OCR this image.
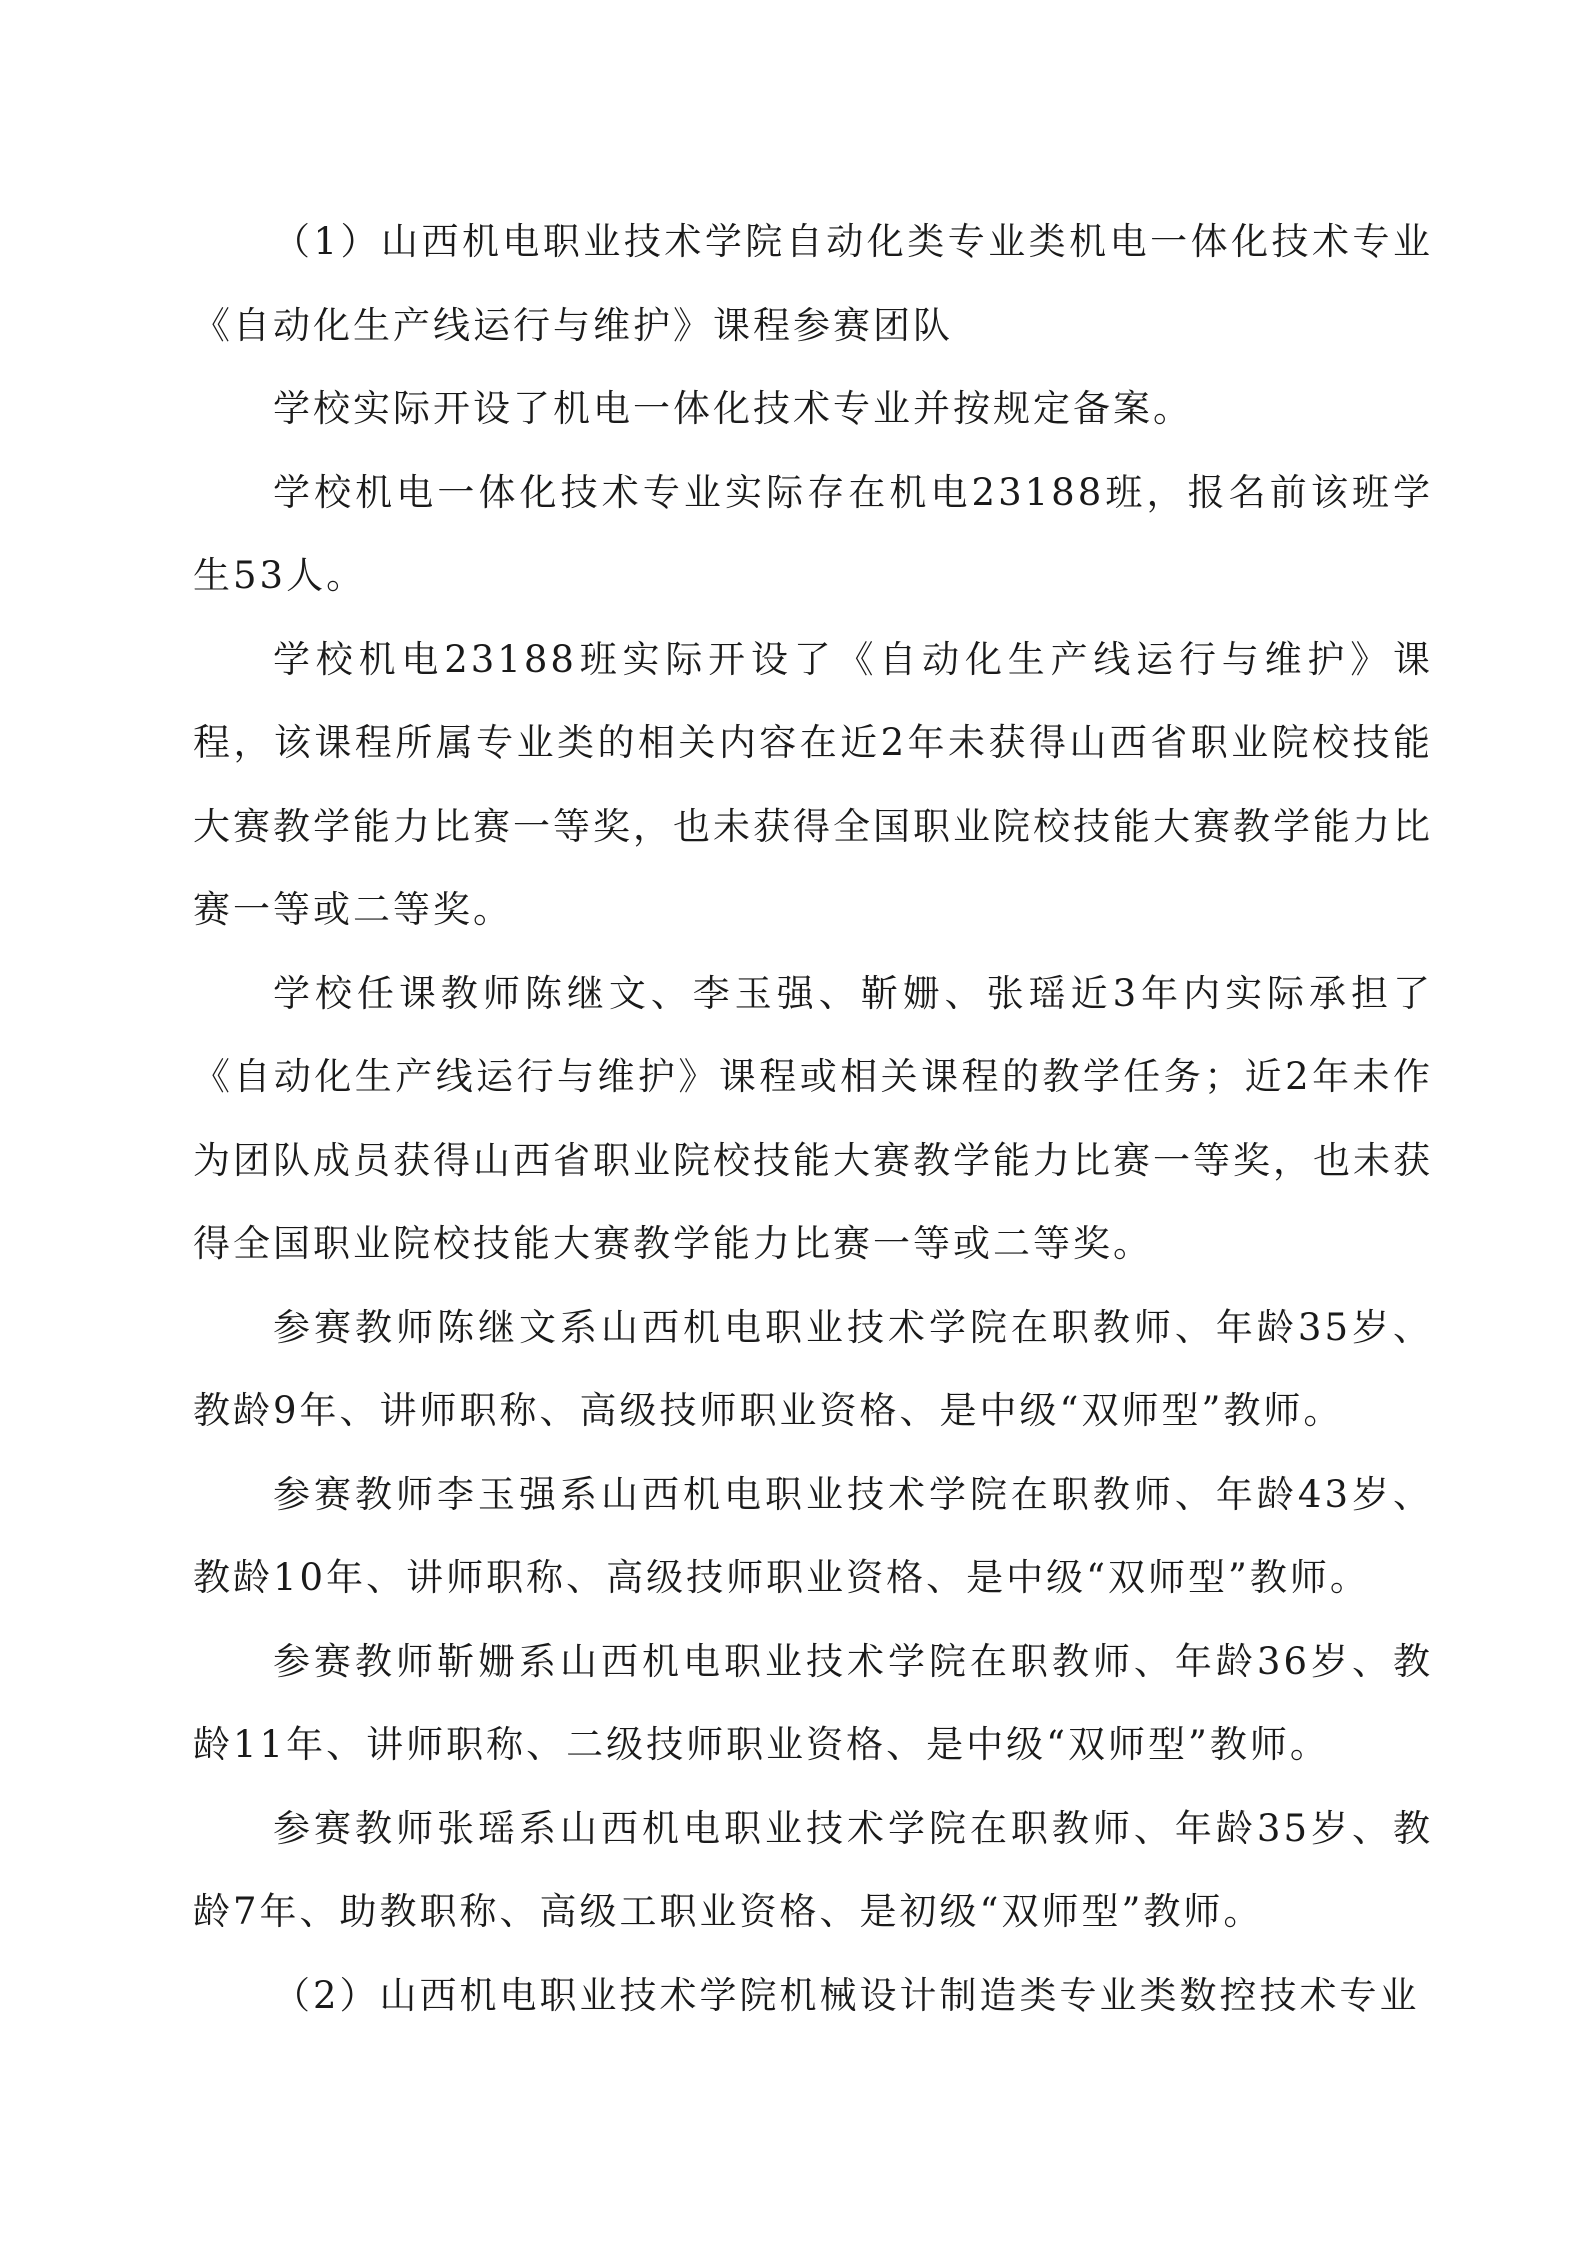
（1）山西机电职业技术学院自动化类专业类机电一体化技术专业《自动化生产线运行与维护》课程参赛团队

学校实际开设了机电一体化技术专业并按规定备案。

学校机电一体化技术专业实际存在机电23188班，报名前该班学生53人。

学校机电23188班实际开设了《自动化生产线运行与维护》课程，该课程所属专业类的相关内容在近2年未获得山西省职业院校技能大赛教学能力比赛一等奖，也未获得全国职业院校技能大赛教学能力比赛一等或二等奖。

学校任课教师陈继文、李玉强、靳姗、张瑶近3年内实际承担了《自动化生产线运行与维护》课程或相关课程的教学任务；近2年未作为团队成员获得山西省职业院校技能大赛教学能力比赛一等奖，也未获得全国职业院校技能大赛教学能力比赛一等或二等奖。

参赛教师陈继文系山西机电职业技术学院在职教师、年龄35岁、教龄9年、讲师职称、高级技师职业资格、是中级“双师型”教师。

参赛教师李玉强系山西机电职业技术学院在职教师、年龄43岁、教龄10年、讲师职称、高级技师职业资格、是中级“双师型”教师。

参赛教师靳姗系山西机电职业技术学院在职教师、年龄36岁、教龄11年、讲师职称、二级技师职业资格、是中级“双师型”教师。

参赛教师张瑶系山西机电职业技术学院在职教师、年龄35岁、教龄7年、助教职称、高级工职业资格、是初级“双师型”教师。

（2）山西机电职业技术学院机械设计制造类专业类数控技术专业
